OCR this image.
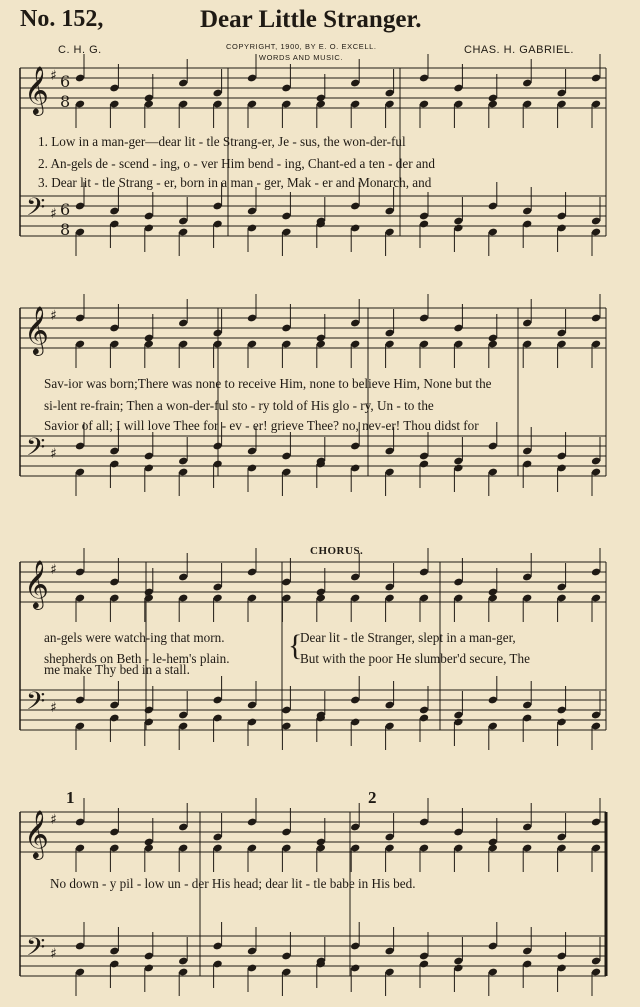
No. 152,	Dear Little Stranger.
C. H. G.	COPYRIGHT, 1900, BY E. O. EXCELL.
WORDS AND MUSIC.
CHAS. H. GABRIEL.
𝄞
𝄢
♯
♯
6
8
6
8
𝄞
𝄢
♯
♯
𝄞
𝄢
♯
♯
𝄞
𝄢
♯
♯
1. Low in a man-ger—dear lit - tle Strang-er, Je - sus, the won-der-ful
2. An-gels de - scend - ing, o - ver Him bend - ing, Chant-ed a ten - der and
3. Dear lit - tle Strang - er, born in a man - ger, Mak - er and Monarch, and
Sav-ior was born;There was none to receive Him, none to believe Him, None but the
si-lent re-frain; Then a won-der-ful sto - ry told of His glo - ry, Un - to the
Savior of all; I will love Thee for - ev - er! grieve Thee? no, nev-er! Thou didst for
an-gels were watch-ing that morn.
shepherds on Beth - le-hem's plain.
me make Thy bed in a stall.
CHORUS.
{
Dear lit - tle Stranger, slept in a man-ger,
But with the poor He slumber'd secure, The
1	2
No down - y pil - low un - der His head; dear lit - tle babe in His bed.
